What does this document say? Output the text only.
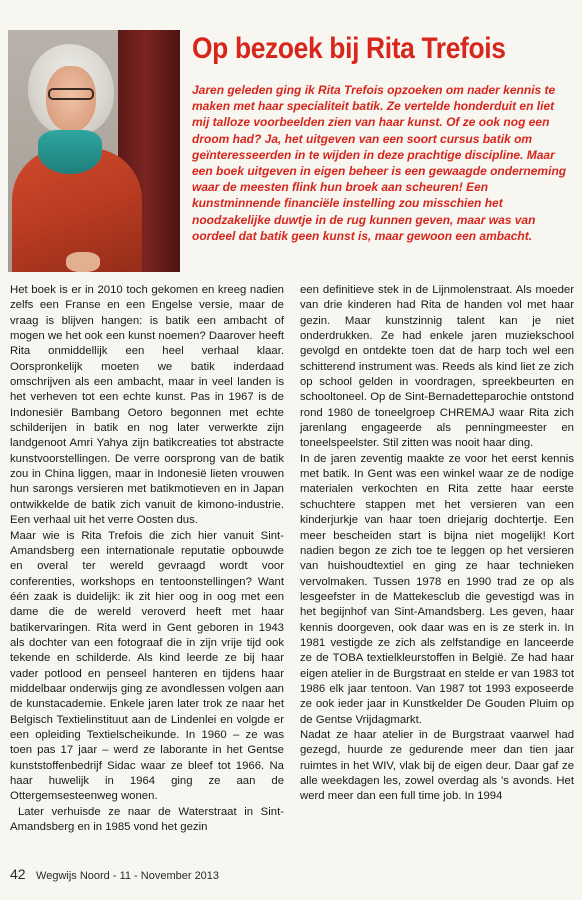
Op bezoek bij Rita Trefois

Jaren geleden ging ik Rita Trefois opzoeken om nader kennis te maken met haar specialiteit batik. Ze vertelde honderduit en liet mij talloze voorbeelden zien van haar kunst. Of ze ook nog een droom had? Ja, het uitgeven van een soort cursus batik om geïnteresseerden in te wijden in deze prachtige discipline. Maar een boek uitgeven in eigen beheer is een gewaagde onderneming waar de meesten flink hun broek aan scheuren! Een kunstminnende financiële instelling zou misschien het noodzakelijke duwtje in de rug kunnen geven, maar was van oordeel dat batik geen kunst is, maar gewoon een ambacht.

Het boek is er in 2010 toch gekomen en kreeg nadien zelfs een Franse en een Engelse versie, maar de vraag is blijven hangen: is batik een ambacht of mogen we het ook een kunst noemen? Daarover heeft Rita onmiddellijk een heel verhaal klaar. Oorspronkelijk moeten we batik inderdaad omschrijven als een ambacht, maar in veel landen is het verheven tot een echte kunst. Pas in 1967 is de Indonesiër Bambang Oetoro begonnen met echte schilderijen in batik en nog later verwerkte zijn landgenoot Amri Yahya zijn batikcreaties tot abstracte kunstvoorstellingen. De verre oorsprong van de batik zou in China liggen, maar in Indonesië lieten vrouwen hun sarongs versieren met batikmotieven en in Japan ontwikkelde de batik zich vanuit de kimono-industrie. Een verhaal uit het verre Oosten dus.

Maar wie is Rita Trefois die zich hier vanuit Sint-Amandsberg een internationale reputatie opbouwde en overal ter wereld gevraagd wordt voor conferenties, workshops en tentoonstellingen? Want één zaak is duidelijk: ik zit hier oog in oog met een dame die de wereld veroverd heeft met haar batikervaringen. Rita werd in Gent geboren in 1943 als dochter van een fotograaf die in zijn vrije tijd ook tekende en schilderde. Als kind leerde ze bij haar vader potlood en penseel hanteren en tijdens haar middelbaar onderwijs ging ze avondlessen volgen aan de kunstacademie. Enkele jaren later trok ze naar het Belgisch Textielinstituut aan de Lindenlei en volgde er een opleiding Textielscheikunde. In 1960 – ze was toen pas 17 jaar – werd ze laborante in het Gentse kunststoffenbedrijf Sidac waar ze bleef tot 1966. Na haar huwelijk in 1964 ging ze aan de Ottergemsesteenweg wonen.

Later verhuisde ze naar de Waterstraat in Sint-Amandsberg en in 1985 vond het gezin

een definitieve stek in de Lijnmolenstraat. Als moeder van drie kinderen had Rita de handen vol met haar gezin. Maar kunstzinnig talent kan je niet onderdrukken. Ze had enkele jaren muziekschool gevolgd en ontdekte toen dat de harp toch wel een schitterend instrument was. Reeds als kind liet ze zich op school gelden in voordragen, spreekbeurten en schooltoneel. Op de Sint-Bernadetteparochie ontstond rond 1980 de toneelgroep CHREMAJ waar Rita zich jarenlang engageerde als penningmeester en toneelspeelster. Stil zitten was nooit haar ding.

In de jaren zeventig maakte ze voor het eerst kennis met batik. In Gent was een winkel waar ze de nodige materialen verkochten en Rita zette haar eerste schuchtere stappen met het versieren van een kinderjurkje van haar toen driejarig dochtertje. Een meer bescheiden start is bijna niet mogelijk! Kort nadien begon ze zich toe te leggen op het versieren van huishoudtextiel en ging ze haar technieken vervolmaken. Tussen 1978 en 1990 trad ze op als lesgeefster in de Mattekesclub die gevestigd was in het begijnhof van Sint-Amandsberg. Les geven, haar kennis doorgeven, ook daar was en is ze sterk in. In 1981 vestigde ze zich als zelfstandige en lanceerde ze de TOBA textielkleurstoffen in België. Ze had haar eigen atelier in de Burgstraat en stelde er van 1983 tot 1986 elk jaar tentoon. Van 1987 tot 1993 exposeerde ze ook ieder jaar in Kunstkelder De Gouden Pluim op de Gentse Vrijdagmarkt.

Nadat ze haar atelier in de Burgstraat vaarwel had gezegd, huurde ze gedurende meer dan tien jaar ruimtes in het WIV, vlak bij de eigen deur. Daar gaf ze alle weekdagen les, zowel overdag als ’s avonds. Het werd meer dan een full time job. In 1994

42 Wegwijs Noord - 11 - November 2013
